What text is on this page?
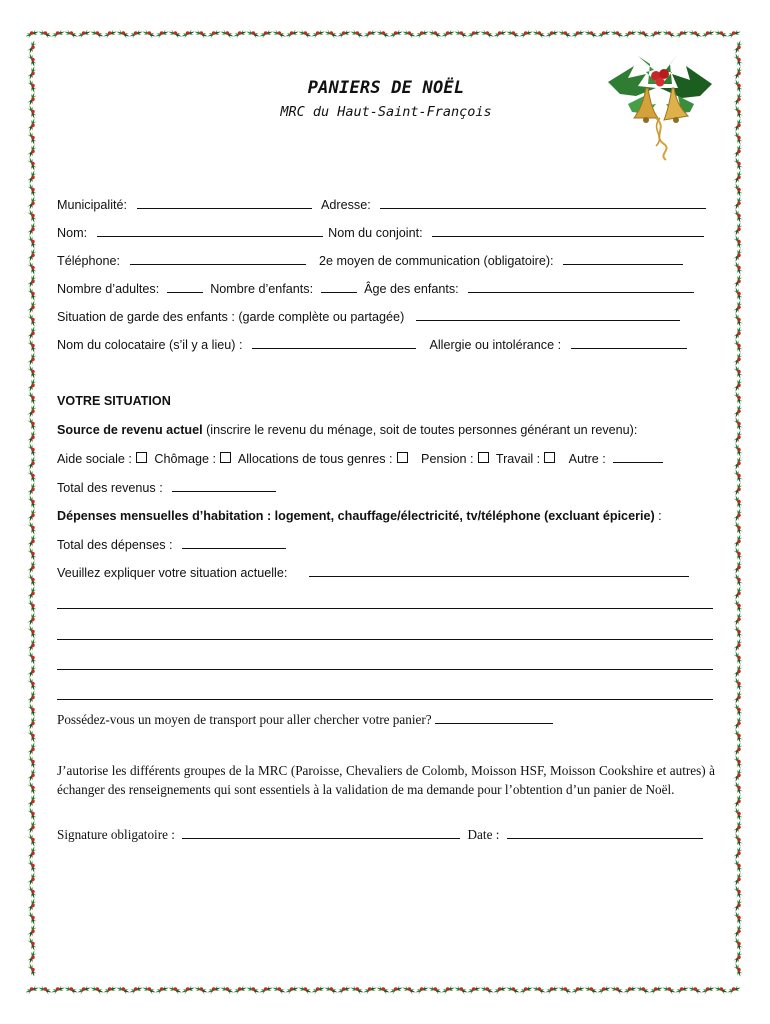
PANIERS DE NOËL
MRC du Haut-Saint-François
Municipalité:	Adresse:
Nom:	Nom du conjoint:
Téléphone:	2e moyen de communication (obligatoire):
Nombre d’adultes:	Nombre d’enfants:	Âge des enfants:
Situation de garde des enfants : (garde complète ou partagée)
Nom du colocataire (s’il y a lieu) :	Allergie ou intolérance :
VOTRE SITUATION
Source de revenu actuel (inscrire le revenu du ménage, soit de toutes personnes générant un revenu):
Aide sociale : Chômage : Allocations de tous genres : Pension : Travail : Autre :
Total des revenus :
Dépenses mensuelles d’habitation : logement, chauffage/électricité, tv/téléphone (excluant épicerie) :
Total des dépenses :
Veuillez expliquer votre situation actuelle:
Possédez-vous un moyen de transport pour aller chercher votre panier?
J’autorise les différents groupes de la MRC (Paroisse, Chevaliers de Colomb, Moisson HSF, Moisson Cookshire et autres) à échanger des renseignements qui sont essentiels à la validation de ma demande pour l’obtention d’un panier de Noël.
Signature obligatoire :	Date :
